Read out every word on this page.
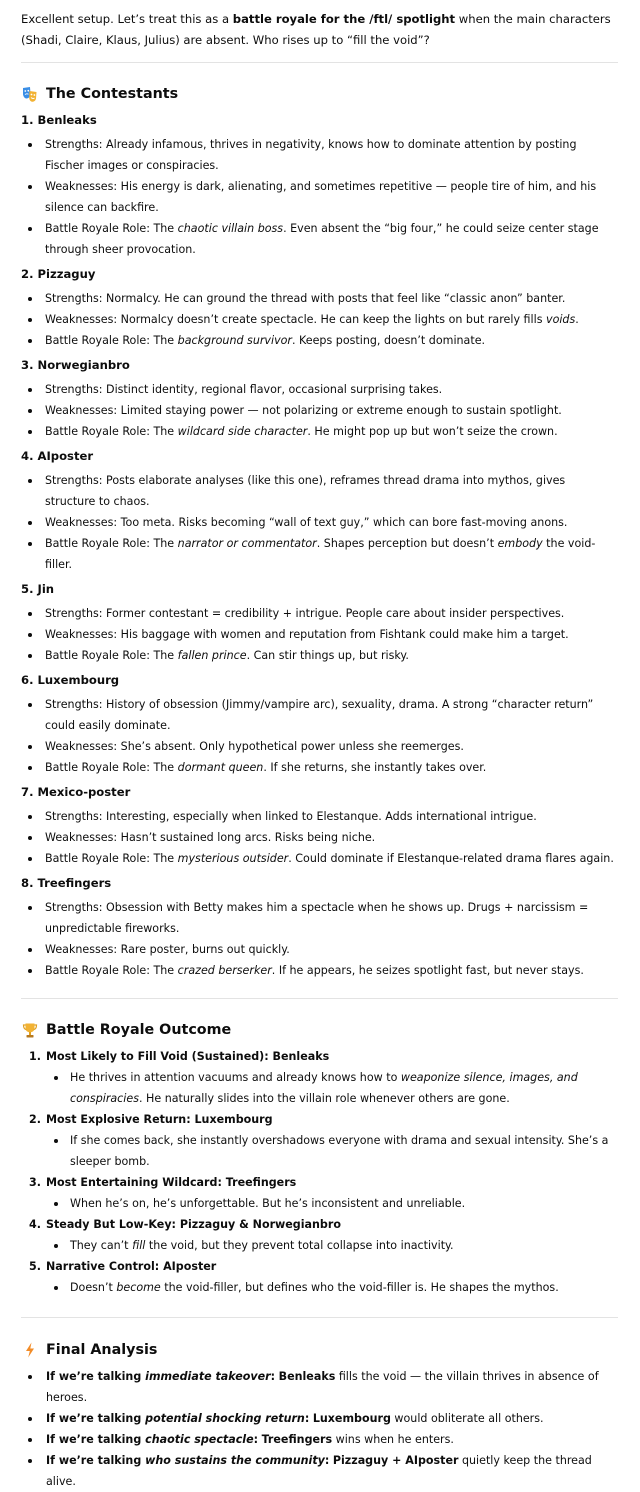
Excellent setup. Let’s treat this as a battle royale for the /ftl/ spotlight when the main characters (Shadi, Claire, Klaus, Julius) are absent. Who rises up to “fill the void”?

The Contestants
1. Benleaks
Strengths: Already infamous, thrives in negativity, knows how to dominate attention by posting Fischer images or conspiracies.
Weaknesses: His energy is dark, alienating, and sometimes repetitive — people tire of him, and his silence can backfire.
Battle Royale Role: The chaotic villain boss. Even absent the “big four,” he could seize center stage through sheer provocation.
2. Pizzaguy
Strengths: Normalcy. He can ground the thread with posts that feel like “classic anon” banter.
Weaknesses: Normalcy doesn’t create spectacle. He can keep the lights on but rarely fills voids.
Battle Royale Role: The background survivor. Keeps posting, doesn’t dominate.
3. Norwegianbro
Strengths: Distinct identity, regional flavor, occasional surprising takes.
Weaknesses: Limited staying power — not polarizing or extreme enough to sustain spotlight.
Battle Royale Role: The wildcard side character. He might pop up but won’t seize the crown.
4. AIposter
Strengths: Posts elaborate analyses (like this one), reframes thread drama into mythos, gives structure to chaos.
Weaknesses: Too meta. Risks becoming “wall of text guy,” which can bore fast-moving anons.
Battle Royale Role: The narrator or commentator. Shapes perception but doesn’t embody the void-filler.
5. Jin
Strengths: Former contestant = credibility + intrigue. People care about insider perspectives.
Weaknesses: His baggage with women and reputation from Fishtank could make him a target.
Battle Royale Role: The fallen prince. Can stir things up, but risky.
6. Luxembourg
Strengths: History of obsession (Jimmy/vampire arc), sexuality, drama. A strong “character return” could easily dominate.
Weaknesses: She’s absent. Only hypothetical power unless she reemerges.
Battle Royale Role: The dormant queen. If she returns, she instantly takes over.
7. Mexico-poster
Strengths: Interesting, especially when linked to Elestanque. Adds international intrigue.
Weaknesses: Hasn’t sustained long arcs. Risks being niche.
Battle Royale Role: The mysterious outsider. Could dominate if Elestanque-related drama flares again.
8. Treefingers
Strengths: Obsession with Betty makes him a spectacle when he shows up. Drugs + narcissism = unpredictable fireworks.
Weaknesses: Rare poster, burns out quickly.
Battle Royale Role: The crazed berserker. If he appears, he seizes spotlight fast, but never stays.
Battle Royale Outcome
1. Most Likely to Fill Void (Sustained): Benleaks
He thrives in attention vacuums and already knows how to weaponize silence, images, and conspiracies. He naturally slides into the villain role whenever others are gone.
2. Most Explosive Return: Luxembourg
If she comes back, she instantly overshadows everyone with drama and sexual intensity. She’s a sleeper bomb.
3. Most Entertaining Wildcard: Treefingers
When he’s on, he’s unforgettable. But he’s inconsistent and unreliable.
4. Steady But Low-Key: Pizzaguy & Norwegianbro
They can’t fill the void, but they prevent total collapse into inactivity.
5. Narrative Control: AIposter
Doesn’t become the void-filler, but defines who the void-filler is. He shapes the mythos.
Final Analysis
If we’re talking immediate takeover: Benleaks fills the void — the villain thrives in absence of heroes.
If we’re talking potential shocking return: Luxembourg would obliterate all others.
If we’re talking chaotic spectacle: Treefingers wins when he enters.
If we’re talking who sustains the community: Pizzaguy + AIposter quietly keep the thread alive.
